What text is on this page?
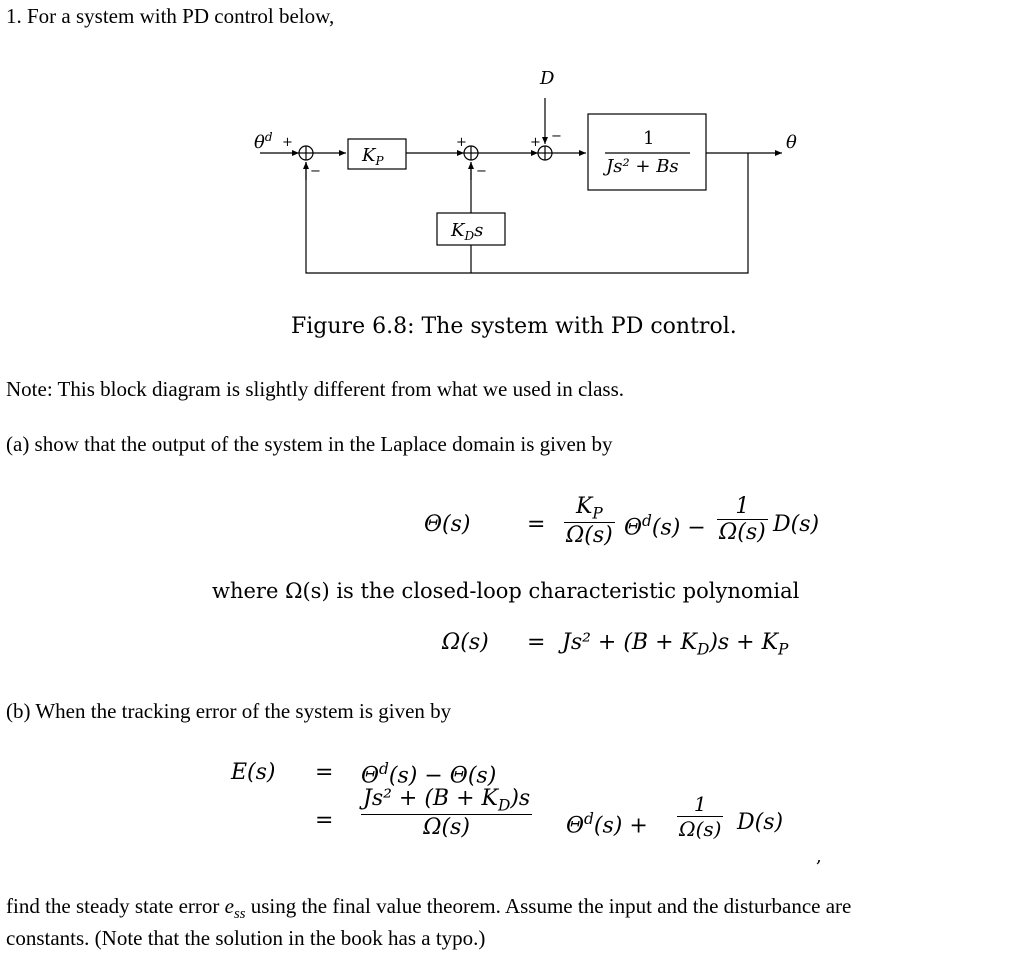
1. For a system with PD control below,
D
$\theta^d$ +
−
+
−
+ −
$K_P$
$K_Ds$
1
Js² + Bs
θ
Figure 6.8: The system with PD control.
Note: This block diagram is slightly different from what we used in class.
(a) show that the output of the system in the Laplace domain is given by
Θ(s)	= $\frac{K_P}{\Omega(s)} \Theta^d(s) - \frac{1}{\Omega(s)} D(s)$
where Ω(s) is the closed-loop characteristic polynomial
$\Omega(s) = Js^2 + (B + K_D)s + K_P$
(b) When the tracking error of the system is given by
$E(s) = \Theta^d(s) - \Theta(s)$
= $\frac{Js^2 + (B + K_D)s}{\Omega(s)} \Theta^d(s) + \frac{1}{\Omega(s)} D(s)$
,
find the steady state error $e_{ss}$ using the final value theorem. Assume the input and the disturbance are
constants. (Note that the solution in the book has a typo.)
